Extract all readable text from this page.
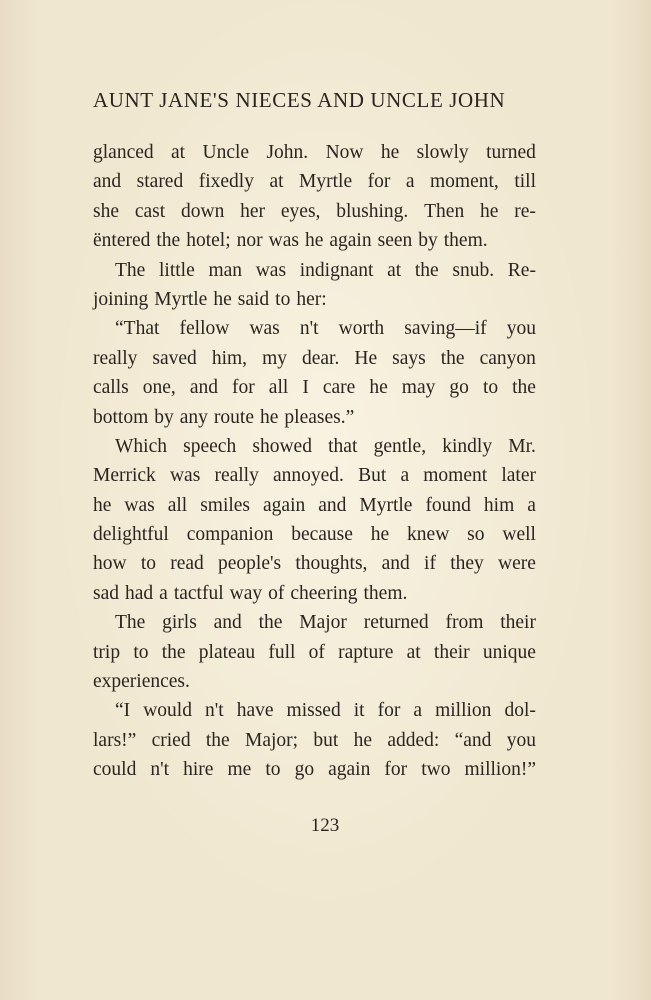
AUNT JANE'S NIECES AND UNCLE JOHN
glanced at Uncle John. Now he slowly turned
and stared fixedly at Myrtle for a moment, till
she cast down her eyes, blushing. Then he re-
ëntered the hotel; nor was he again seen by them.
The little man was indignant at the snub. Re-
joining Myrtle he said to her:
“That fellow was n't worth saving—if you
really saved him, my dear. He says the canyon
calls one, and for all I care he may go to the
bottom by any route he pleases.”
Which speech showed that gentle, kindly Mr.
Merrick was really annoyed. But a moment later
he was all smiles again and Myrtle found him a
delightful companion because he knew so well
how to read people's thoughts, and if they were
sad had a tactful way of cheering them.
The girls and the Major returned from their
trip to the plateau full of rapture at their unique
experiences.
“I would n't have missed it for a million dol-
lars!” cried the Major; but he added: “and you
could n't hire me to go again for two million!”
123
